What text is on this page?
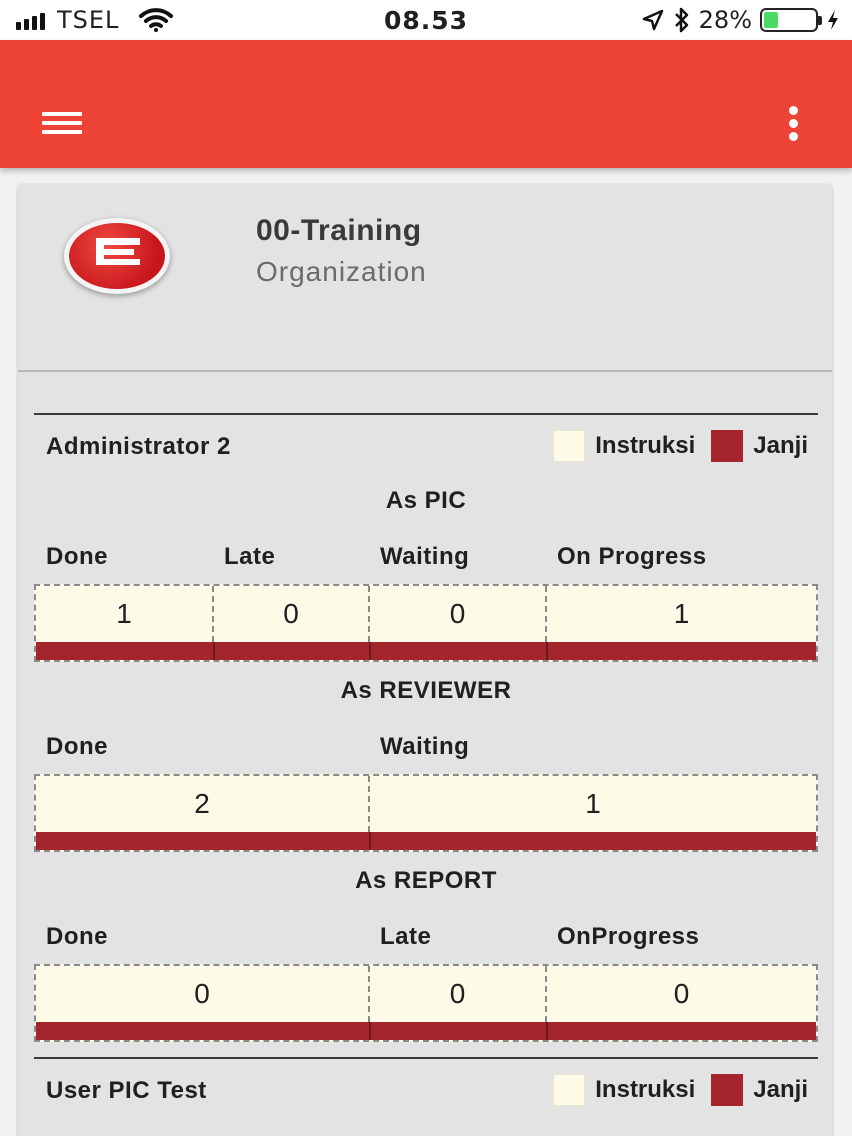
TSEL	08.53	28%
00-Training
Organization
Administrator 2	Instruksi Janji
As PIC
Done	Late	Waiting	On Progress
1	0	0	1
As REVIEWER
Done	Waiting
2	1
As REPORT
Done	Late	OnProgress
0	0	0
User PIC Test	Instruksi Janji
